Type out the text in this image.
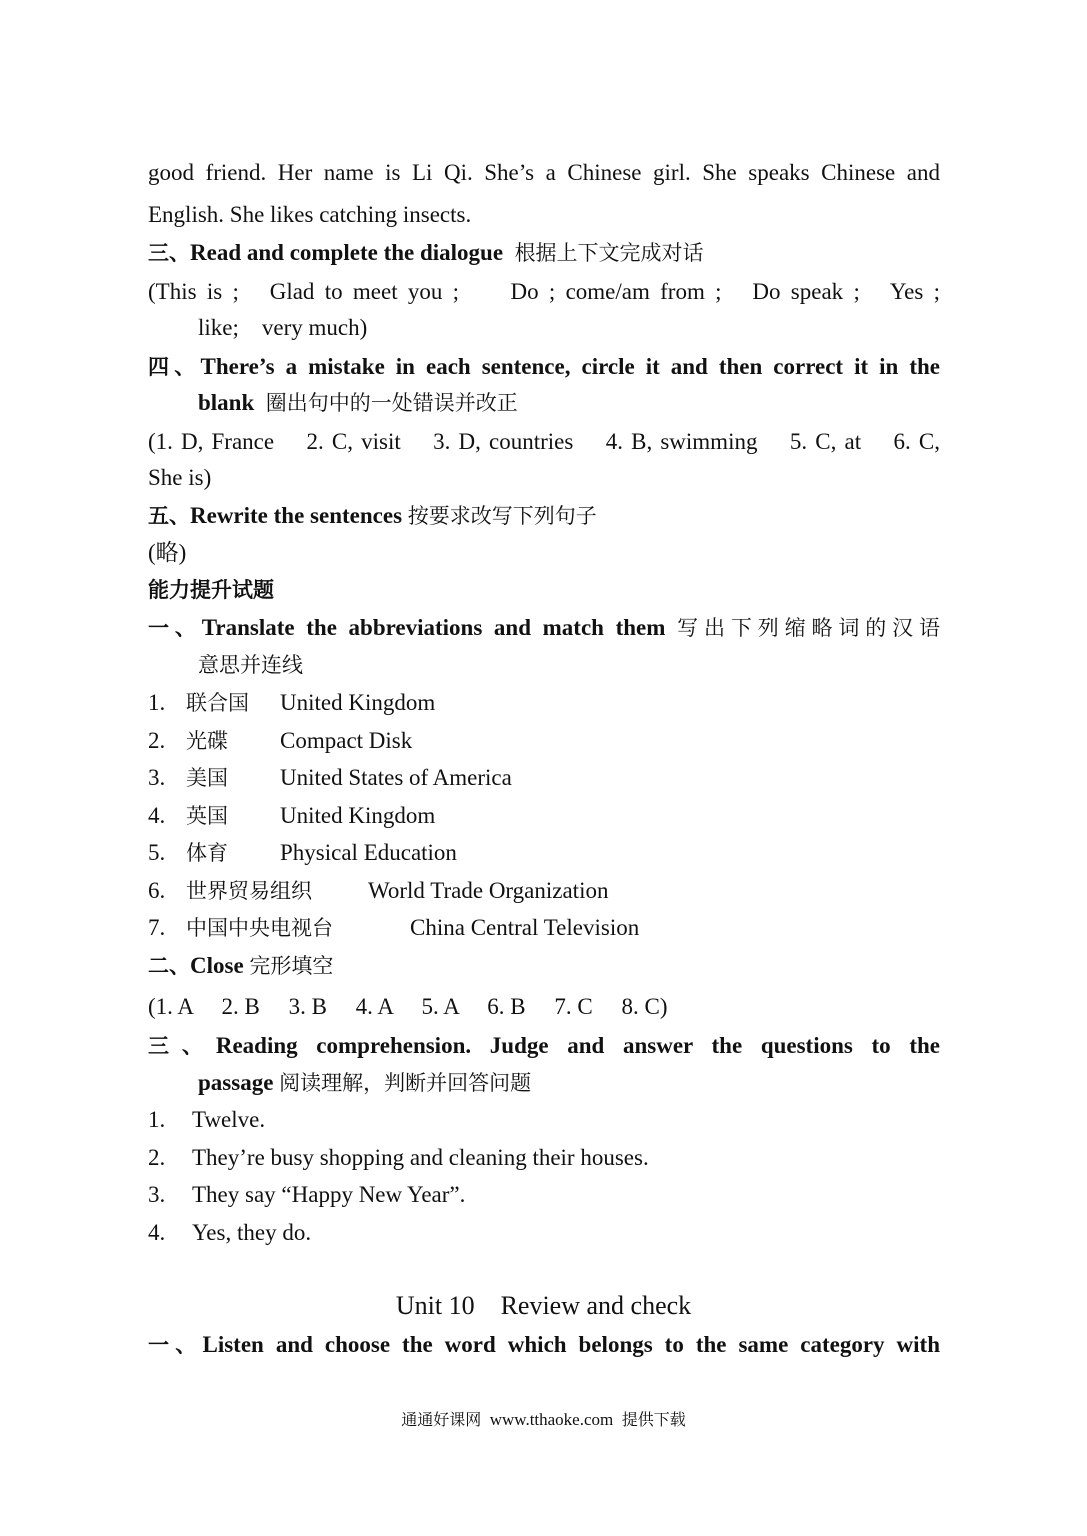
good friend. Her name is Li Qi. She’s a Chinese girl. She speaks Chinese and
English. She likes catching insects.
三、Read and complete the dialogue 根据上下文完成对话
(This is ;   Glad to meet you ;     Do ; come/am from ;   Do speak ;   Yes ;
like;    very much)
四、There’s a mistake in each sentence, circle it and then correct it in the
blank 圈出句中的一处错误并改正
(1. D, France    2. C, visit    3. D, countries    4. B, swimming    5. C, at    6. C,
She is)
五、Rewrite the sentences 按要求改写下列句子
(略)
能力提升试题
一、Translate the abbreviations and match them 写出下列缩略词的汉语
意思并连线
1. 联合国 United Kingdom
2. 光碟 Compact Disk
3. 美国 United States of America
4. 英国 United Kingdom
5. 体育 Physical Education
6. 世界贸易组织 World Trade Organization
7. 中国中央电视台	China Central Television
二、Close 完形填空
(1. A     2. B     3. B     4. A     5. A     6. B     7. C     8. C)
三、Reading comprehension. Judge and answer the questions to the
passage 阅读理解，判断并回答问题
1. Twelve.
2. They’re busy shopping and cleaning their houses.
3. They say “Happy New Year”.
4. Yes, they do.
Unit 10    Review and check
一、Listen and choose the word which belongs to the same category with
通通好课网 www.tthaoke.com 提供下载
